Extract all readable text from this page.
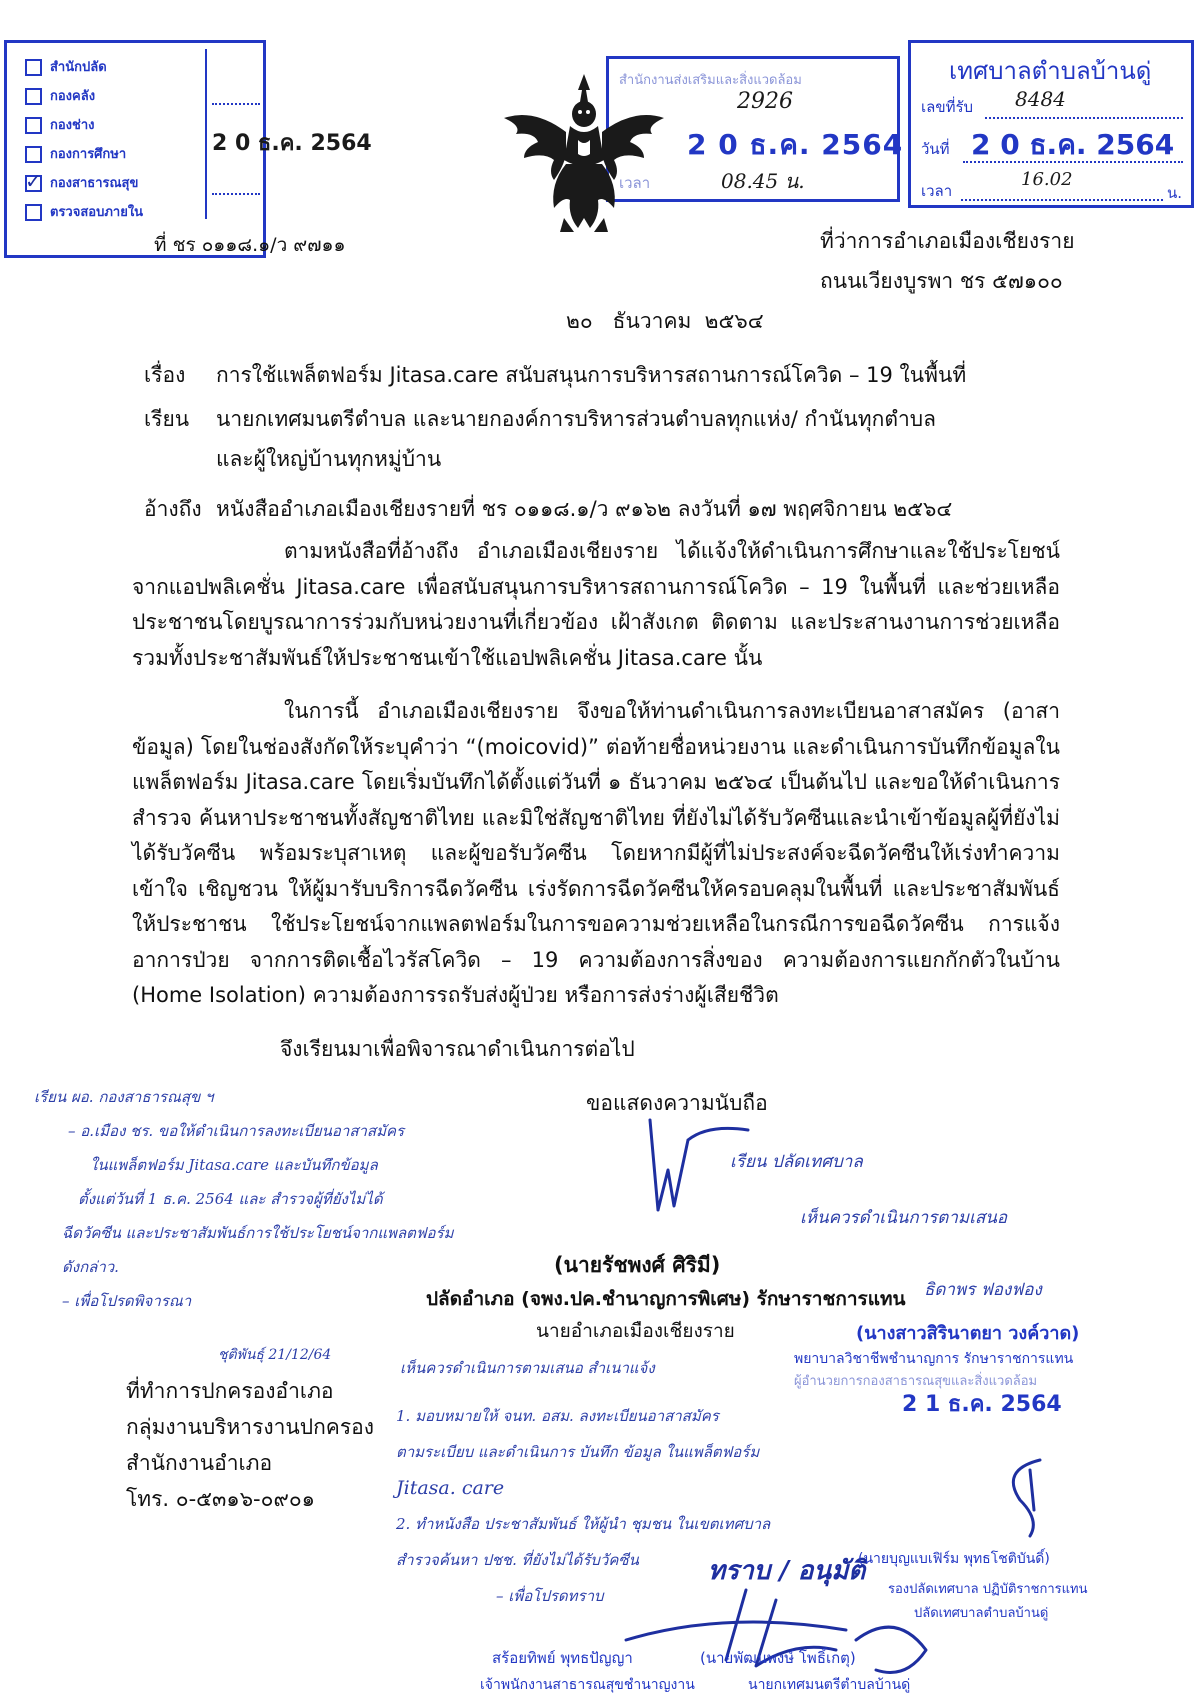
สำนักปลัด
กองคลัง
กองช่าง
กองการศึกษา
✓ กองสาธารณสุข
ตรวจสอบภายใน
2 0 ธ.ค. 2564
สำนักงานส่งเสริมและสิ่งแวดล้อม
2926
2 0 ธ.ค. 2564
เวลา	08.45 น.
เทศบาลตำบลบ้านดู่
เลขที่รับ 8484
วันที่ 2 0 ธ.ค. 2564
เวลา
16.02
น.
ที่ ชร ๐๑๑๘.๑/ว ๙๗๑๑	ที่ว่าการอำเภอเมืองเชียงราย
ถนนเวียงบูรพา ชร ๕๗๑๐๐
๒๐   ธันวาคม  ๒๕๖๔
เรื่อง การใช้แพล็ตฟอร์ม Jitasa.care สนับสนุนการบริหารสถานการณ์โควิด – 19 ในพื้นที่
เรียน นายกเทศมนตรีตำบล และนายกองค์การบริหารส่วนตำบลทุกแห่ง/ กำนันทุกตำบล
และผู้ใหญ่บ้านทุกหมู่บ้าน
อ้างถึง หนังสืออำเภอเมืองเชียงรายที่ ชร ๐๑๑๘.๑/ว ๙๑๖๒ ลงวันที่ ๑๗ พฤศจิกายน ๒๕๖๔
ตามหนังสือที่อ้างถึง อำเภอเมืองเชียงราย ได้แจ้งให้ดำเนินการศึกษาและใช้ประโยชน์จากแอปพลิเคชั่น Jitasa.care เพื่อสนับสนุนการบริหารสถานการณ์โควิด – 19 ในพื้นที่ และช่วยเหลือประชาชนโดยบูรณาการร่วมกับหน่วยงานที่เกี่ยวข้อง เฝ้าสังเกต ติดตาม และประสานงานการช่วยเหลือ รวมทั้งประชาสัมพันธ์ให้ประชาชนเข้าใช้แอปพลิเคชั่น Jitasa.care นั้น
ในการนี้ อำเภอเมืองเชียงราย จึงขอให้ท่านดำเนินการลงทะเบียนอาสาสมัคร (อาสาข้อมูล) โดยในช่องสังกัดให้ระบุคำว่า “(moicovid)” ต่อท้ายชื่อหน่วยงาน และดำเนินการบันทึกข้อมูลในแพล็ตฟอร์ม Jitasa.care โดยเริ่มบันทึกได้ตั้งแต่วันที่ ๑ ธันวาคม ๒๕๖๔ เป็นต้นไป และขอให้ดำเนินการสำรวจ ค้นหาประชาชนทั้งสัญชาติไทย และมิใช่สัญชาติไทย ที่ยังไม่ได้รับวัคซีนและนำเข้าข้อมูลผู้ที่ยังไม่ได้รับวัคซีน พร้อมระบุสาเหตุ และผู้ขอรับวัคซีน โดยหากมีผู้ที่ไม่ประสงค์จะฉีดวัคซีนให้เร่งทำความเข้าใจ เชิญชวน ให้ผู้มารับบริการฉีดวัคซีน เร่งรัดการฉีดวัคซีนให้ครอบคลุมในพื้นที่ และประชาสัมพันธ์ให้ประชาชน ใช้ประโยชน์จากแพลตฟอร์มในการขอความช่วยเหลือในกรณีการขอฉีดวัคซีน การแจ้งอาการป่วย จากการติดเชื้อไวรัสโควิด – 19 ความต้องการสิ่งของ ความต้องการแยกกักตัวในบ้าน (Home Isolation) ความต้องการรถรับส่งผู้ป่วย หรือการส่งร่างผู้เสียชีวิต
จึงเรียนมาเพื่อพิจารณาดำเนินการต่อไป
ขอแสดงความนับถือ
(นายรัชพงศ์ ศิริมี)
ปลัดอำเภอ (จพง.ปค.ชำนาญการพิเศษ) รักษาราชการแทน
นายอำเภอเมืองเชียงราย
ที่ทำการปกครองอำเภอ
กลุ่มงานบริหารงานปกครอง
สำนักงานอำเภอ
โทร. ๐-๕๓๑๖-๐๙๐๑
เรียน ผอ. กองสาธารณสุข ฯ
– อ.เมือง ชร. ขอให้ดำเนินการลงทะเบียนอาสาสมัคร
ในแพล็ตฟอร์ม Jitasa.care และบันทึกข้อมูล
ตั้งแต่วันที่ 1 ธ.ค. 2564 และ สำรวจผู้ที่ยังไม่ได้
ฉีดวัคซีน และประชาสัมพันธ์การใช้ประโยชน์จากแพลตฟอร์ม
ดังกล่าว.
– เพื่อโปรดพิจารณา
ชุติพันธุ์ 21/12/64
เรียน ปลัดเทศบาล
เห็นควรดำเนินการตามเสนอ
ธิดาพร ฟองฟอง
(นางสาวสิรินาตยา วงค์วาด)
พยาบาลวิชาชีพชำนาญการ รักษาราชการแทน
ผู้อำนวยการกองสาธารณสุขและสิ่งแวดล้อม
2 1 ธ.ค. 2564
เห็นควรดำเนินการตามเสนอ สำเนาแจ้ง
1. มอบหมายให้ จนท. อสม. ลงทะเบียนอาสาสมัคร
ตามระเบียบ และดำเนินการ บันทึก ข้อมูล ในแพล็ตฟอร์ม
Jitasa. care
2. ทำหนังสือ ประชาสัมพันธ์ ให้ผู้นำ ชุมชน ในเขตเทศบาล
สำรวจค้นหา ปชช. ที่ยังไม่ได้รับวัคซีน
– เพื่อโปรดทราบ
ทราบ / อนุมัติ
(นายบุญแบเฟิร์ม พุทธโชติบันดิ์)
รองปลัดเทศบาล ปฏิบัติราชการแทน
ปลัดเทศบาลตำบลบ้านดู่
สร้อยทิพย์ พุทธปัญญา	(นายพัฒนพงษ์ โพธิ์เกตุ)
เจ้าพนักงานสาธารณสุขชำนาญงาน	นายกเทศมนตรีตำบลบ้านดู่
